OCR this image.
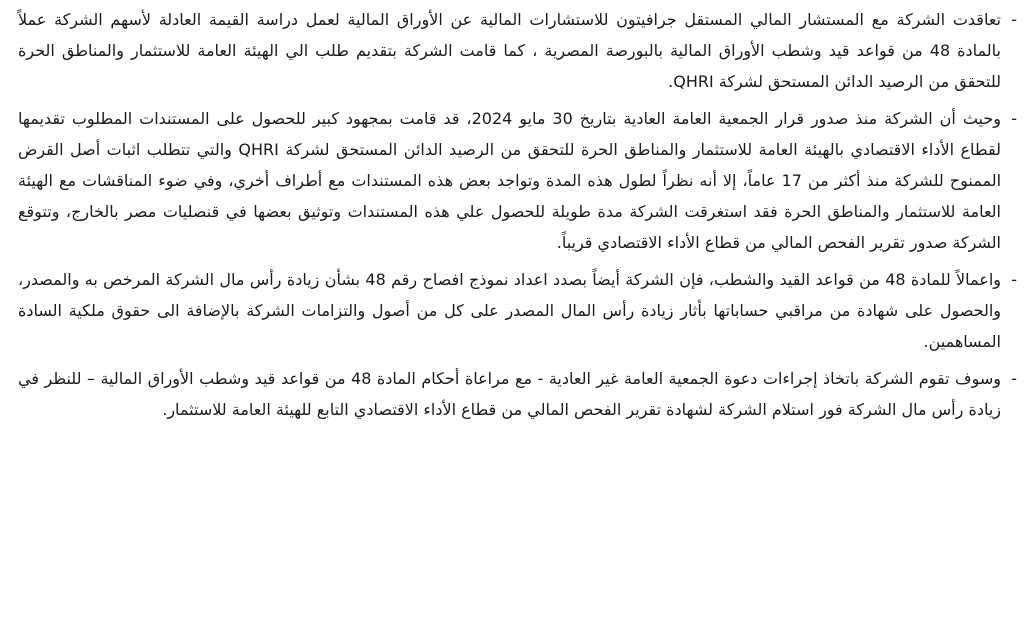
-
تعاقدت الشركة مع المستشار المالي المستقل جرافيتون للاستشارات المالية عن الأوراق المالية لعمل دراسة القيمة العادلة لأسهم الشركة عملاً بالمادة 48 من قواعد قيد وشطب الأوراق المالية بالبورصة المصرية ، كما قامت الشركة بتقديم طلب الي الهيئة العامة للاستثمار والمناطق الحرة للتحقق من الرصيد الدائن المستحق لشركة QHRI.
-
وحيث أن الشركة منذ صدور قرار الجمعية العامة العادية بتاريخ 30 مايو 2024، قد قامت بمجهود كبير للحصول على المستندات المطلوب تقديمها لقطاع الأداء الاقتصادي بالهيئة العامة للاستثمار والمناطق الحرة للتحقق من الرصيد الدائن المستحق لشركة QHRI والتي تتطلب اثبات أصل القرض الممنوح للشركة منذ أكثر من 17 عاماً، إلا أنه نظراً لطول هذه المدة وتواجد بعض هذه المستندات مع أطراف أخري، وفي ضوء المناقشات مع الهيئة العامة للاستثمار والمناطق الحرة فقد استغرقت الشركة مدة طويلة للحصول علي هذه المستندات وتوثيق بعضها في قنصليات مصر بالخارج، وتتوقع الشركة صدور تقرير الفحص المالي من قطاع الأداء الاقتصادي قريباً.
-
واعمالاً للمادة 48 من قواعد القيد والشطب، فإن الشركة أيضاً بصدد اعداد نموذج افصاح رقم 48 بشأن زيادة رأس مال الشركة المرخص به والمصدر، والحصول على شهادة من مراقبي حساباتها بأثار زيادة رأس المال المصدر على كل من أصول والتزامات الشركة بالإضافة الى حقوق ملكية السادة المساهمين.
-
وسوف تقوم الشركة باتخاذ إجراءات دعوة الجمعية العامة غير العادية - مع مراعاة أحكام المادة 48 من قواعد قيد وشطب الأوراق المالية – للنظر في زيادة رأس مال الشركة فور استلام الشركة لشهادة تقرير الفحص المالي من قطاع الأداء الاقتصادي التابع للهيئة العامة للاستثمار.
